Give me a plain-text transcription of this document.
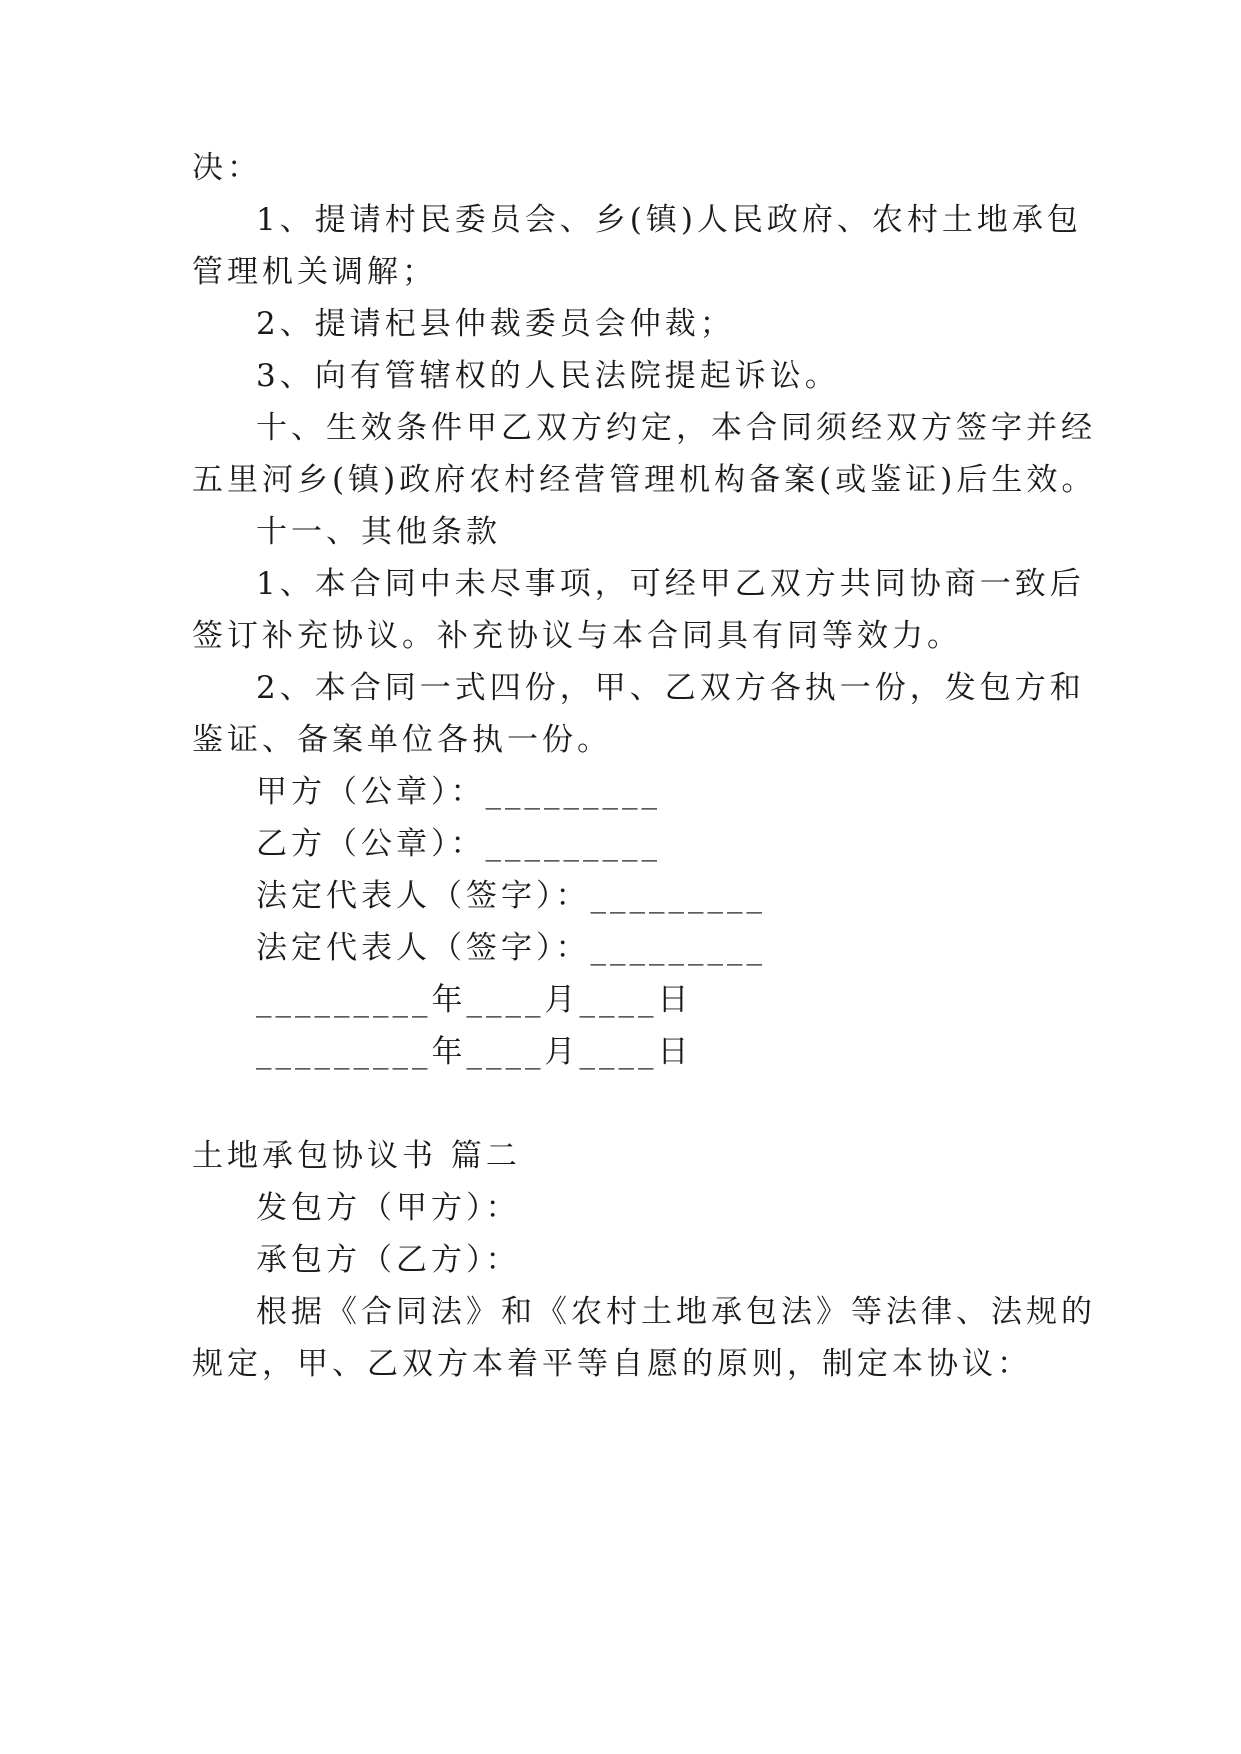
决：
1、提请村民委员会、乡(镇)人民政府、农村土地承包
管理机关调解；
2、提请杞县仲裁委员会仲裁；
3、向有管辖权的人民法院提起诉讼。
十、生效条件甲乙双方约定，本合同须经双方签字并经
五里河乡(镇)政府农村经营管理机构备案(或鉴证)后生效。
十一、其他条款
1、本合同中未尽事项，可经甲乙双方共同协商一致后
签订补充协议。补充协议与本合同具有同等效力。
2、本合同一式四份，甲、乙双方各执一份，发包方和
鉴证、备案单位各执一份。
甲方（公章）：_________
乙方（公章）：_________
法定代表人（签字）：_________
法定代表人（签字）：_________
_________年____月____日
_________年____月____日
土地承包协议书 篇二
发包方（甲方）：
承包方（乙方）：
根据《合同法》和《农村土地承包法》等法律、法规的
规定，甲、乙双方本着平等自愿的原则，制定本协议：
